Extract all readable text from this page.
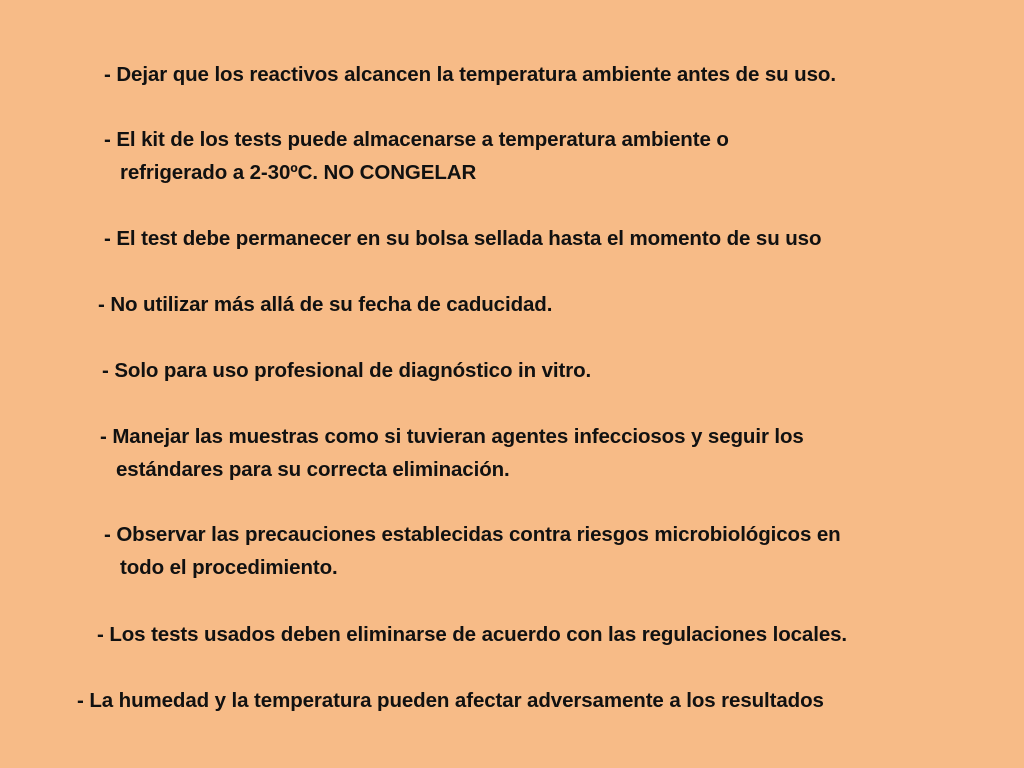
- Dejar que los reactivos alcancen la temperatura ambiente antes de su uso.
- El kit de los tests puede almacenarse a temperatura ambiente o
refrigerado a 2-30ºC. NO CONGELAR
- El test debe permanecer en su bolsa sellada hasta el momento de su uso
- No utilizar más allá de su fecha de caducidad.
- Solo para uso profesional de diagnóstico in vitro.
- Manejar las muestras como si tuvieran agentes infecciosos y seguir los
estándares para su correcta eliminación.
- Observar las precauciones establecidas contra riesgos microbiológicos en
todo el procedimiento.
- Los tests usados deben eliminarse de acuerdo con las regulaciones locales.
- La humedad y la temperatura pueden afectar adversamente a los resultados
